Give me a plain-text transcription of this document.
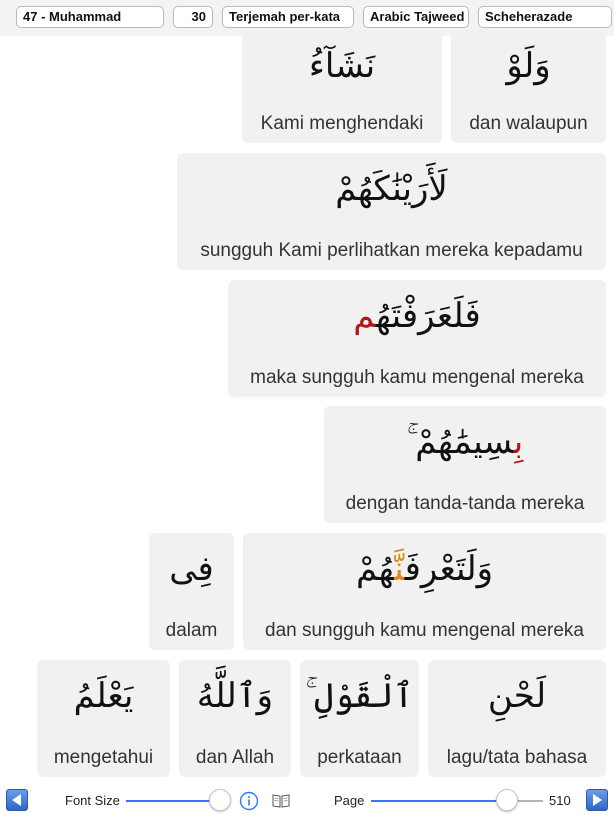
47 - Muhammad	30	Terjemah per-kata	Arabic Tajweed	Scheherazade
وَلَوْ
dan walaupun
نَشَآءُ
Kami menghendaki
لَأَرَيْنَٰكَهُمْ
sungguh Kami perlihatkan mereka kepadamu
فَلَعَرَفْتَهُم
maka sungguh kamu mengenal mereka
بِسِيمَٰهُمْ ۚ
dengan tanda-tanda mereka
وَلَتَعْرِفَنَّهُمْ
dan sungguh kamu mengenal mereka
فِى
dalam
لَحْنِ
lagu/tata bahasa
ٱلْقَوْلِ ۚ
perkataan
وَٱللَّهُ
dan Allah
يَعْلَمُ
mengetahui
Font Size	Page	510
